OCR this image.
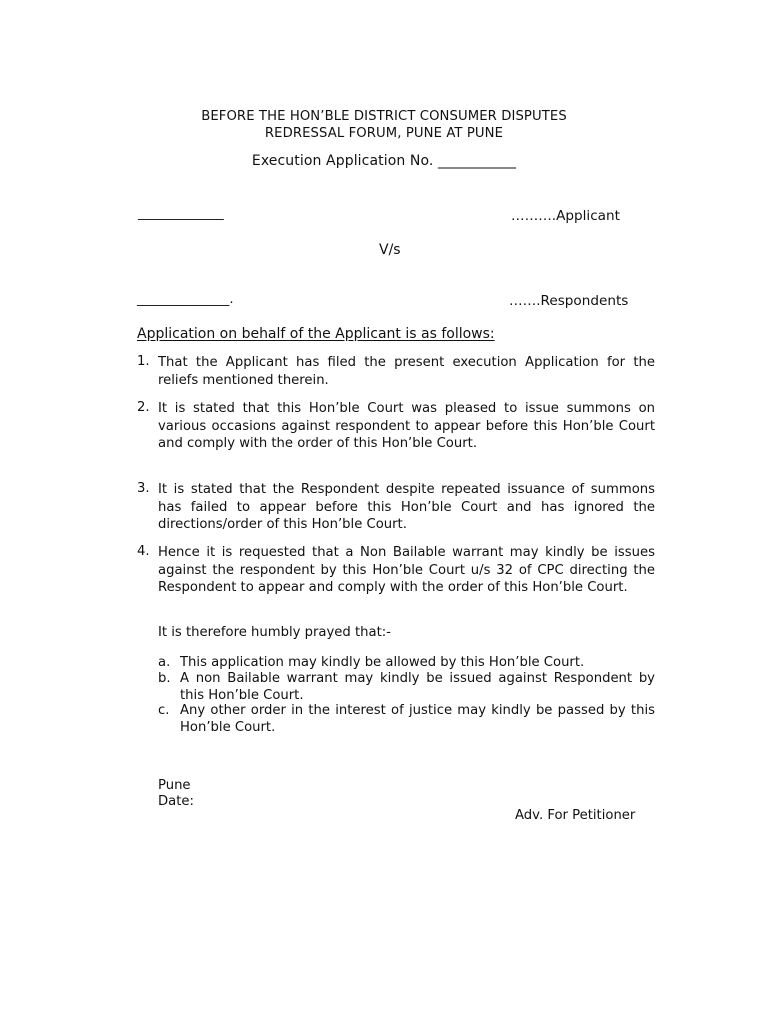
BEFORE THE HON’BLE DISTRICT CONSUMER DISPUTES
REDRESSAL FORUM, PUNE AT PUNE
Execution Application No. ___________
_____________	……….Applicant
V/s
______________.	…….Respondents
Application on behalf of the Applicant is as follows:
1. That the Applicant has filed the present execution Application for the reliefs mentioned therein.
2. It is stated that this Hon’ble Court was pleased to issue summons on various occasions against respondent to appear before this Hon’ble Court and comply with the order of this Hon’ble Court.
3. It is stated that the Respondent despite repeated issuance of summons has failed to appear before this Hon’ble Court and has ignored the directions/order of this Hon’ble Court.
4. Hence it is requested that a Non Bailable warrant may kindly be issues against the respondent by this Hon’ble Court u/s 32 of CPC directing the Respondent to appear and comply with the order of this Hon’ble Court.
It is therefore humbly prayed that:-
a. This application may kindly be allowed by this Hon’ble Court.
b. A non Bailable warrant may kindly be issued against Respondent by this Hon’ble Court.
c. Any other order in the interest of justice may kindly be passed by this Hon’ble Court.
Pune
Date:
Adv. For Petitioner
